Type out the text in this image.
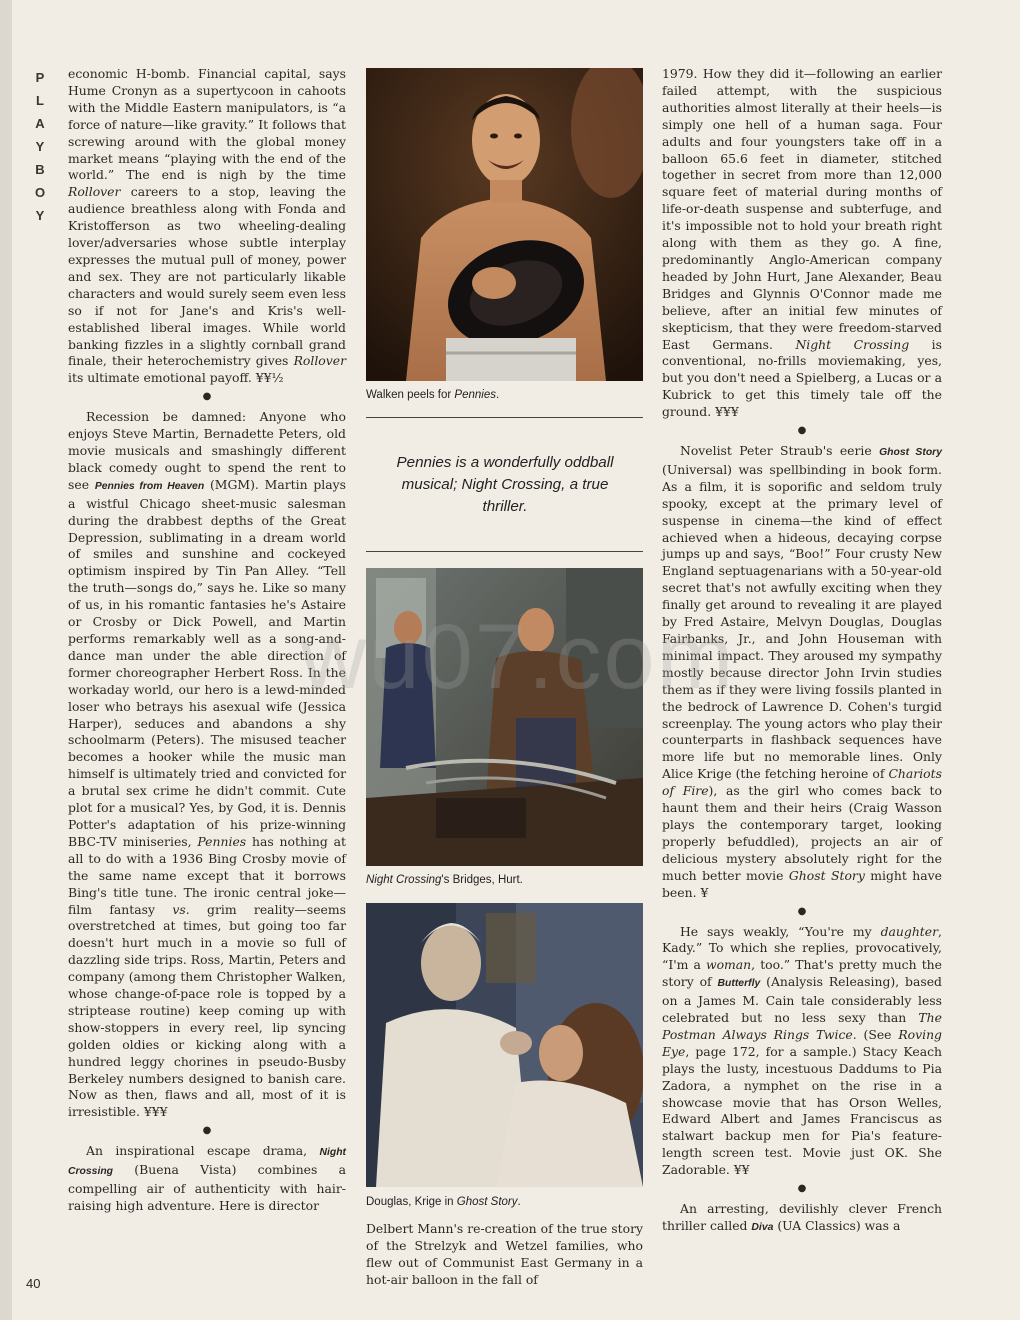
P
L
A
Y
B
O
Y

economic H-bomb. Financial capital, says Hume Cronyn as a supertycoon in cahoots with the Middle Eastern manipulators, is “a force of nature—like gravity.” It follows that screwing around with the global money market means “playing with the end of the world.” The end is nigh by the time Rollover careers to a stop, leaving the audience breathless along with Fonda and Kristofferson as two wheeling-dealing lover/adversaries whose subtle interplay expresses the mutual pull of money, power and sex. They are not particularly likable characters and would surely seem even less so if not for Jane's and Kris's well-established liberal images. While world banking fizzles in a slightly cornball grand finale, their heterochemistry gives Rollover its ultimate emotional payoff. ¥¥½

●

Recession be damned: Anyone who enjoys Steve Martin, Bernadette Peters, old movie musicals and smashingly different black comedy ought to spend the rent to see Pennies from Heaven (MGM). Martin plays a wistful Chicago sheet-music salesman during the drabbest depths of the Great Depression, sublimating in a dream world of smiles and sunshine and cockeyed optimism inspired by Tin Pan Alley. “Tell the truth—songs do,” says he. Like so many of us, in his romantic fantasies he's Astaire or Crosby or Dick Powell, and Martin performs remarkably well as a song-and-dance man under the able direction of former choreographer Herbert Ross. In the workaday world, our hero is a lewd-minded loser who betrays his asexual wife (Jessica Harper), seduces and abandons a shy schoolmarm (Peters). The misused teacher becomes a hooker while the music man himself is ultimately tried and convicted for a brutal sex crime he didn't commit. Cute plot for a musical? Yes, by God, it is. Dennis Potter's adaptation of his prize-winning BBC-TV miniseries, Pennies has nothing at all to do with a 1936 Bing Crosby movie of the same name except that it borrows Bing's title tune. The ironic central joke—film fantasy vs. grim reality—seems overstretched at times, but going too far doesn't hurt much in a movie so full of dazzling side trips. Ross, Martin, Peters and company (among them Christopher Walken, whose change-of-pace role is topped by a striptease routine) keep coming up with show-stoppers in every reel, lip syncing golden oldies or kicking along with a hundred leggy chorines in pseudo-Busby Berkeley numbers designed to banish care. Now as then, flaws and all, most of it is irresistible. ¥¥¥

●

An inspirational escape drama, Night Crossing (Buena Vista) combines a compelling air of authenticity with hair-raising high adventure. Here is director

Walken peels for Pennies.
Pennies is a wonderfully oddball musical; Night Crossing, a true thriller.
Night Crossing's Bridges, Hurt.
Douglas, Krige in Ghost Story.

Delbert Mann's re-creation of the true story of the Strelzyk and Wetzel families, who flew out of Communist East Germany in a hot-air balloon in the fall of

1979. How they did it—following an earlier failed attempt, with the suspicious authorities almost literally at their heels—is simply one hell of a human saga. Four adults and four youngsters take off in a balloon 65.6 feet in diameter, stitched together in secret from more than 12,000 square feet of material during months of life-or-death suspense and subterfuge, and it's impossible not to hold your breath right along with them as they go. A fine, predominantly Anglo-American company headed by John Hurt, Jane Alexander, Beau Bridges and Glynnis O'Connor made me believe, after an initial few minutes of skepticism, that they were freedom-starved East Germans. Night Crossing is conventional, no-frills moviemaking, yes, but you don't need a Spielberg, a Lucas or a Kubrick to get this timely tale off the ground. ¥¥¥

●

Novelist Peter Straub's eerie Ghost Story (Universal) was spellbinding in book form. As a film, it is soporific and seldom truly spooky, except at the primary level of suspense in cinema—the kind of effect achieved when a hideous, decaying corpse jumps up and says, “Boo!” Four crusty New England septuagenarians with a 50-year-old secret that's not awfully exciting when they finally get around to revealing it are played by Fred Astaire, Melvyn Douglas, Douglas Fairbanks, Jr., and John Houseman with minimal impact. They aroused my sympathy mostly because director John Irvin studies them as if they were living fossils planted in the bedrock of Lawrence D. Cohen's turgid screenplay. The young actors who play their counterparts in flashback sequences have more life but no memorable lines. Only Alice Krige (the fetching heroine of Chariots of Fire), as the girl who comes back to haunt them and their heirs (Craig Wasson plays the contemporary target, looking properly befuddled), projects an air of delicious mystery absolutely right for the much better movie Ghost Story might have been. ¥

●

He says weakly, “You're my daughter, Kady.” To which she replies, provocatively, “I'm a woman, too.” That's pretty much the story of Butterfly (Analysis Releasing), based on a James M. Cain tale considerably less celebrated but no less sexy than The Postman Always Rings Twice. (See Roving Eye, page 172, for a sample.) Stacy Keach plays the lusty, incestuous Daddums to Pia Zadora, a nymphet on the rise in a showcase movie that has Orson Welles, Edward Albert and James Franciscus as stalwart backup men for Pia's feature-length screen test. Movie just OK. She Zadorable. ¥¥

●

An arresting, devilishly clever French thriller called Diva (UA Classics) was a

wu07.com
40
